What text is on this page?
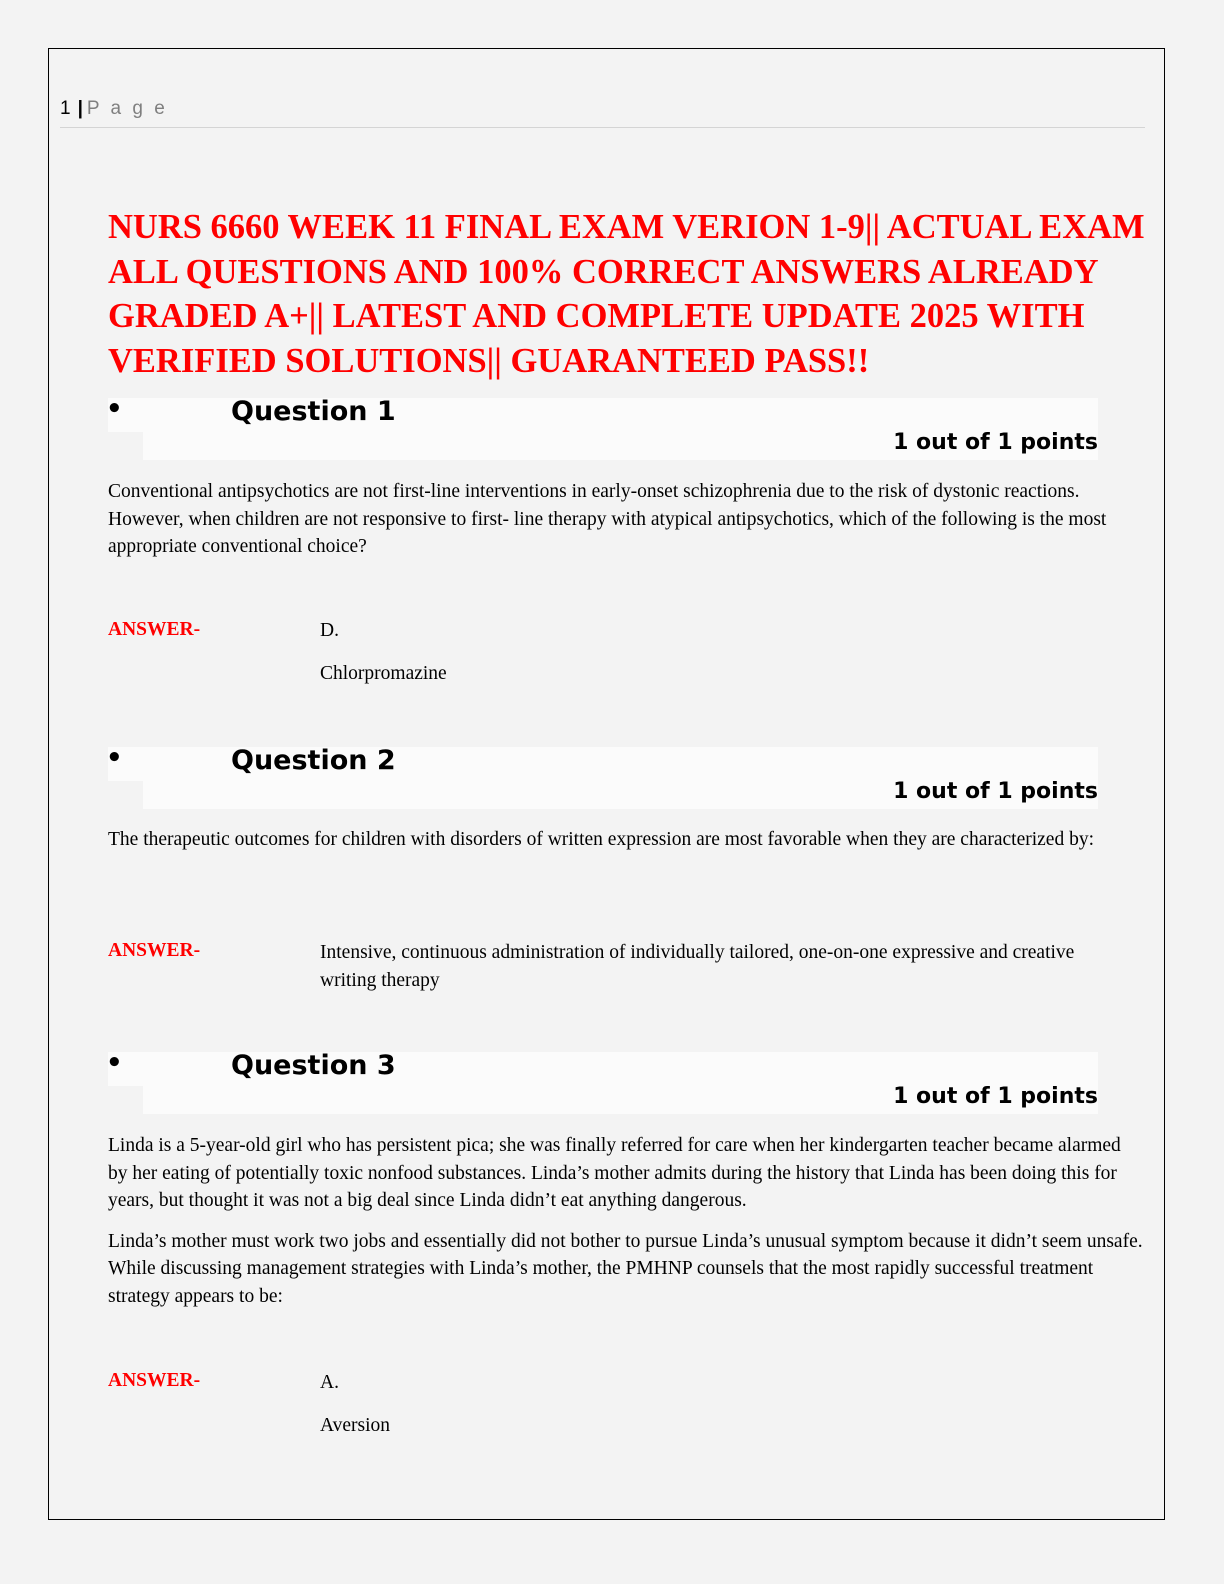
1 | P a g e
NURS 6660 WEEK 11 FINAL EXAM VERION 1-9|| ACTUAL EXAM ALL QUESTIONS AND 100% CORRECT ANSWERS ALREADY GRADED A+|| LATEST AND COMPLETE UPDATE 2025 WITH VERIFIED SOLUTIONS|| GUARANTEED PASS!!
•	Question 1
1 out of 1 points

Conventional antipsychotics are not first-line interventions in early-onset schizophrenia due to the risk of dystonic reactions. However, when children are not responsive to first- line therapy with atypical antipsychotics, which of the following is the most appropriate conventional choice?

ANSWER-	D.
Chlorpromazine
•	Question 2
1 out of 1 points

The therapeutic outcomes for children with disorders of written expression are most favorable when they are characterized by:

ANSWER-	Intensive, continuous administration of individually tailored, one-on-one expressive and creative writing therapy
•	Question 3
1 out of 1 points

Linda is a 5-year-old girl who has persistent pica; she was finally referred for care when her kindergarten teacher became alarmed by her eating of potentially toxic nonfood substances. Linda’s mother admits during the history that Linda has been doing this for years, but thought it was not a big deal since Linda didn’t eat anything dangerous.

Linda’s mother must work two jobs and essentially did not bother to pursue Linda’s unusual symptom because it didn’t seem unsafe. While discussing management strategies with Linda’s mother, the PMHNP counsels that the most rapidly successful treatment strategy appears to be:

ANSWER-	A.
Aversion
